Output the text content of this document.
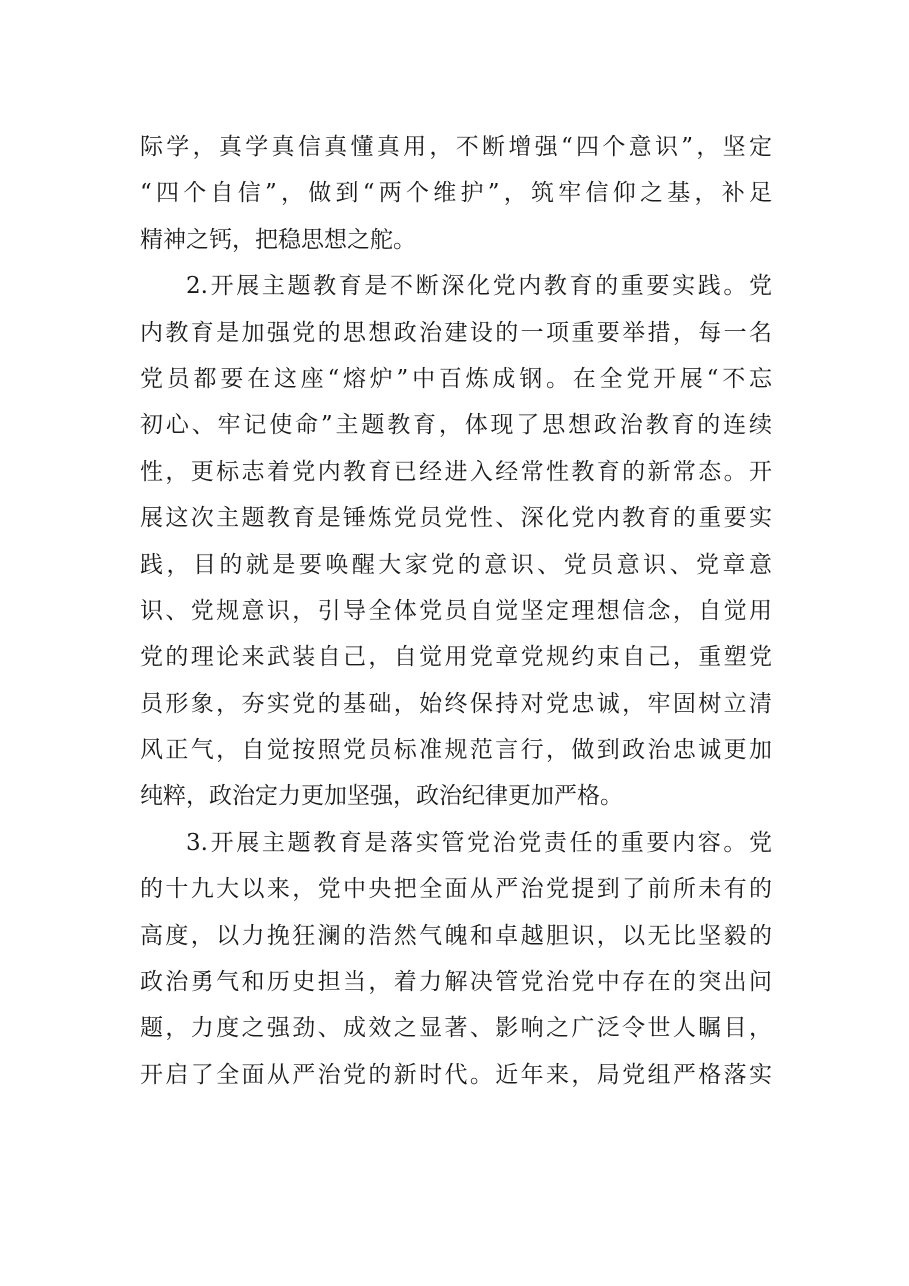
际学，真学真信真懂真用，不断增强“四个意识”，坚定
“四个自信”，做到“两个维护”，筑牢信仰之基，补足
精神之钙，把稳思想之舵。
2.开展主题教育是不断深化党内教育的重要实践。党
内教育是加强党的思想政治建设的一项重要举措，每一名
党员都要在这座“熔炉”中百炼成钢。在全党开展“不忘
初心、牢记使命”主题教育，体现了思想政治教育的连续
性，更标志着党内教育已经进入经常性教育的新常态。开
展这次主题教育是锤炼党员党性、深化党内教育的重要实
践，目的就是要唤醒大家党的意识、党员意识、党章意
识、党规意识，引导全体党员自觉坚定理想信念，自觉用
党的理论来武装自己，自觉用党章党规约束自己，重塑党
员形象，夯实党的基础，始终保持对党忠诚，牢固树立清
风正气，自觉按照党员标准规范言行，做到政治忠诚更加
纯粹，政治定力更加坚强，政治纪律更加严格。
3.开展主题教育是落实管党治党责任的重要内容。党
的十九大以来，党中央把全面从严治党提到了前所未有的
高度，以力挽狂澜的浩然气魄和卓越胆识，以无比坚毅的
政治勇气和历史担当，着力解决管党治党中存在的突出问
题，力度之强劲、成效之显著、影响之广泛令世人瞩目，
开启了全面从严治党的新时代。近年来，局党组严格落实
